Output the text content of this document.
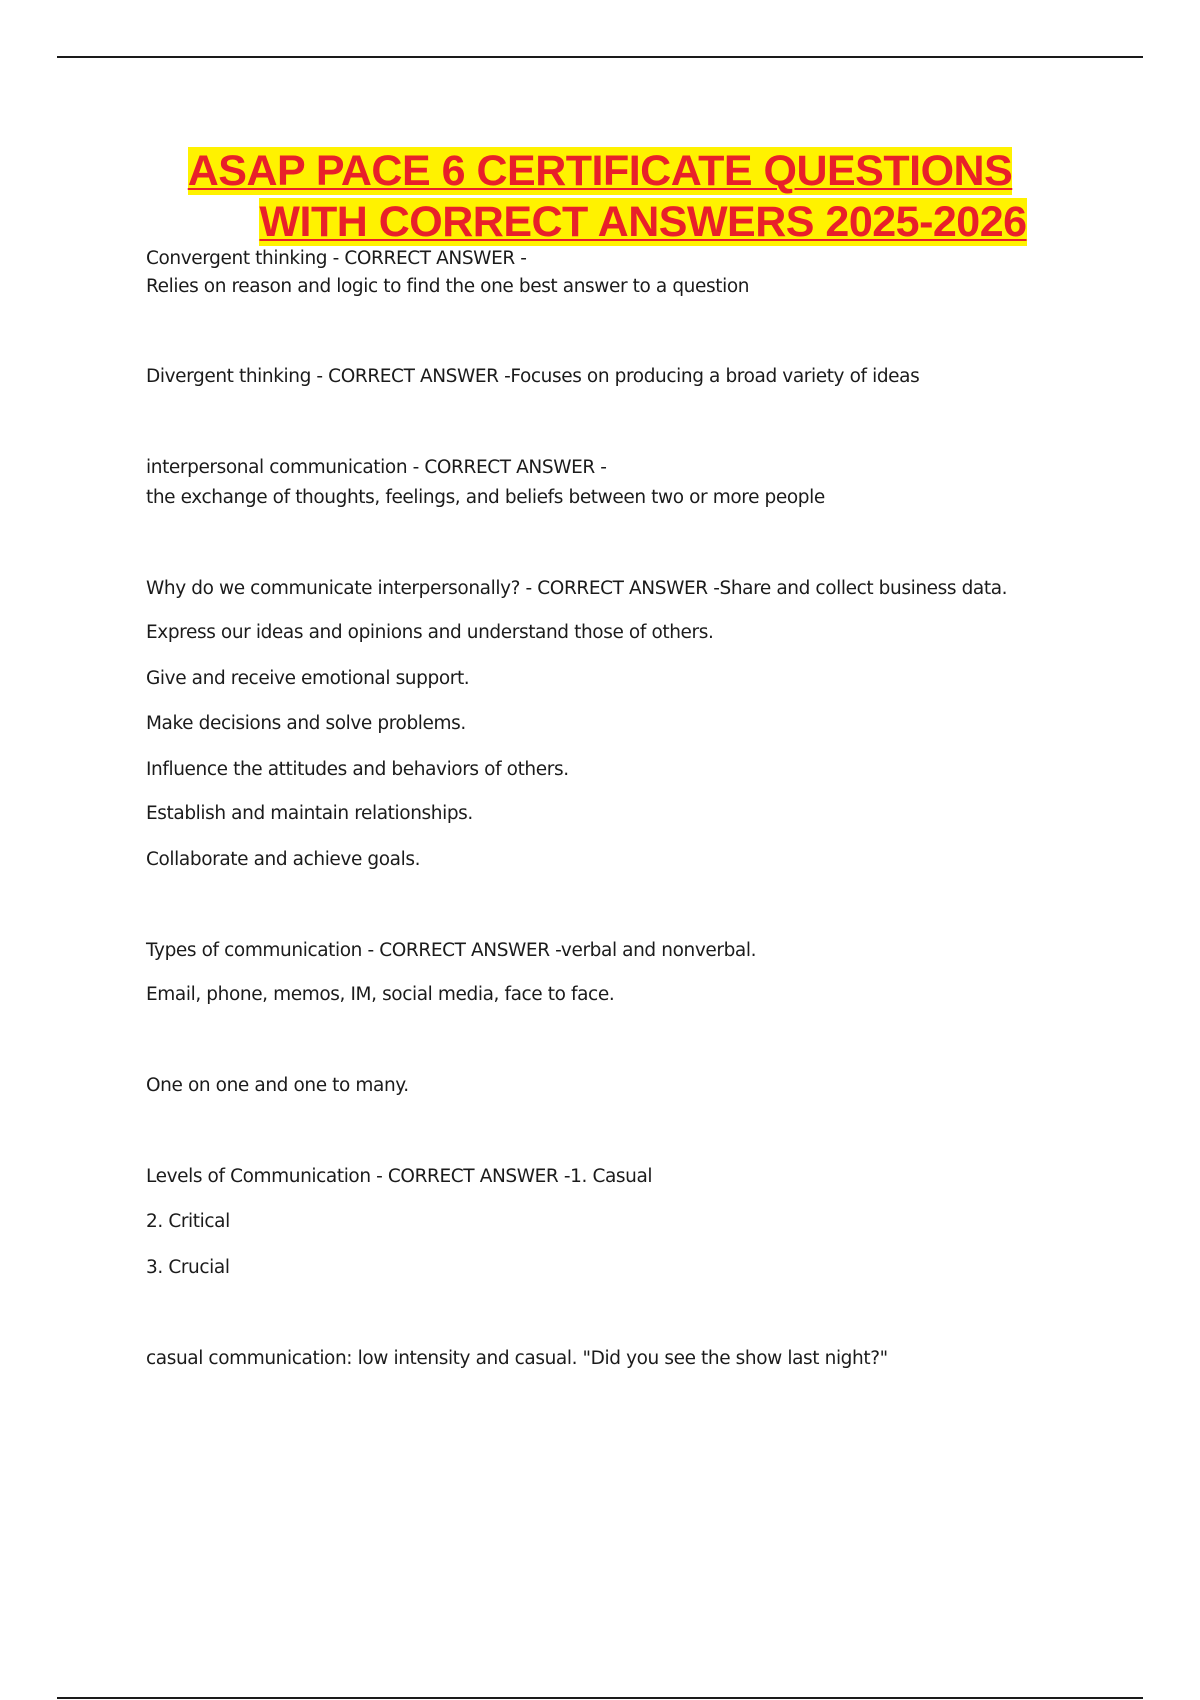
ASAP PACE 6 CERTIFICATE QUESTIONS
WITH CORRECT ANSWERS 2025-2026
Convergent thinking - CORRECT ANSWER -
Relies on reason and logic to find the one best answer to a question
Divergent thinking - CORRECT ANSWER -Focuses on producing a broad variety of ideas
interpersonal communication - CORRECT ANSWER -
the exchange of thoughts, feelings, and beliefs between two or more people
Why do we communicate interpersonally? - CORRECT ANSWER -Share and collect business data.
Express our ideas and opinions and understand those of others.
Give and receive emotional support.
Make decisions and solve problems.
Influence the attitudes and behaviors of others.
Establish and maintain relationships.
Collaborate and achieve goals.
Types of communication - CORRECT ANSWER -verbal and nonverbal.
Email, phone, memos, IM, social media, face to face.
One on one and one to many.
Levels of Communication - CORRECT ANSWER -1. Casual
2. Critical
3. Crucial
casual communication: low intensity and casual. "Did you see the show last night?"
